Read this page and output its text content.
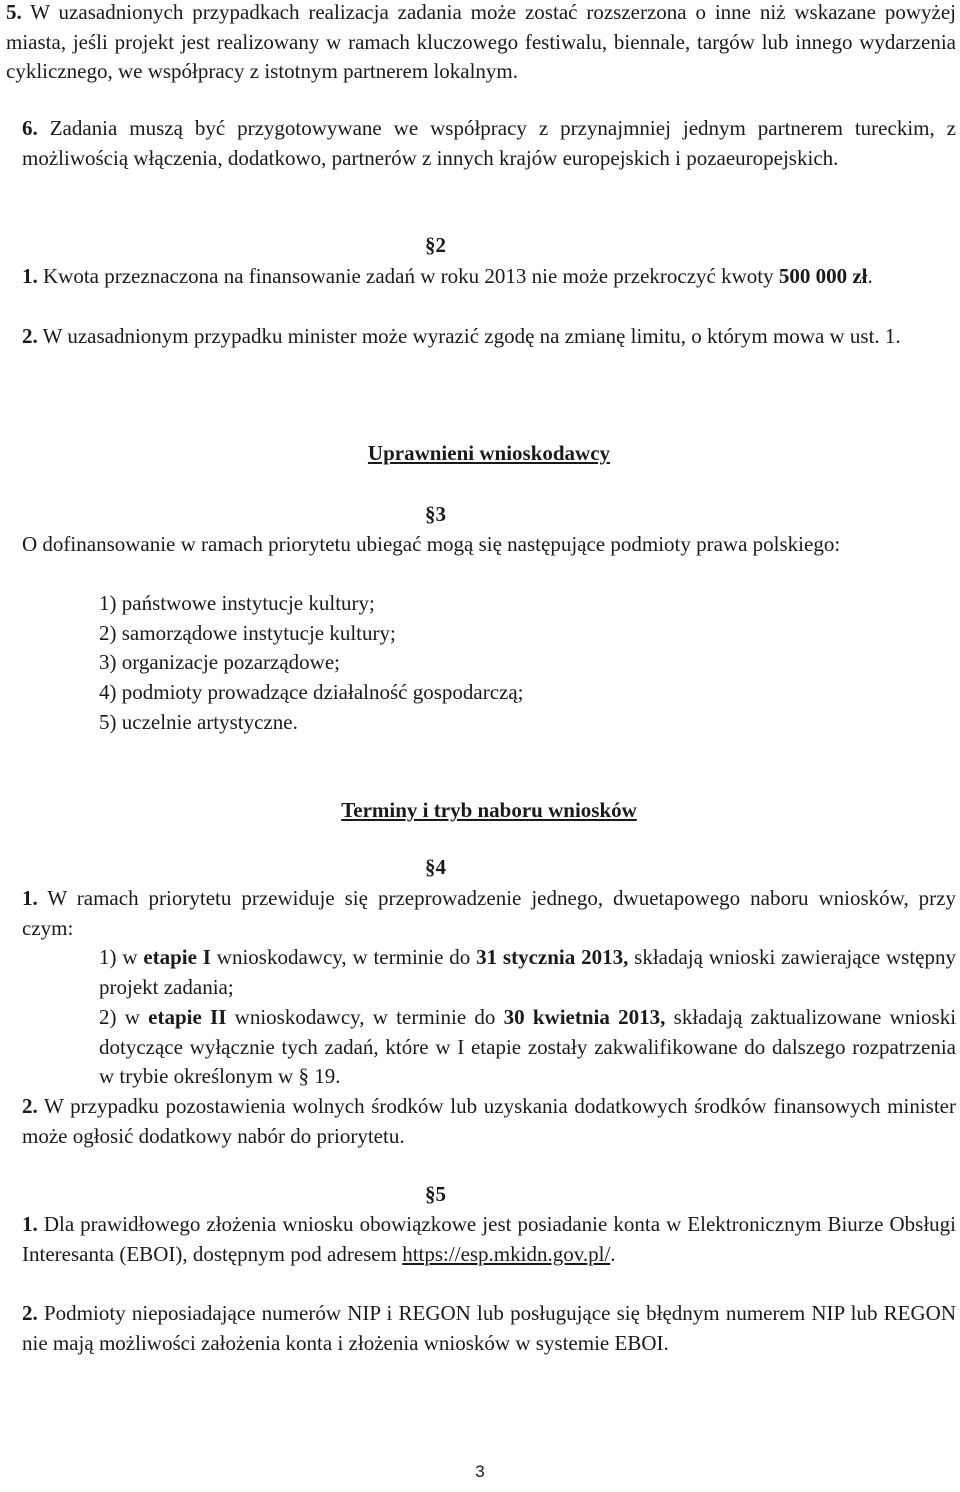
5. W uzasadnionych przypadkach realizacja zadania może zostać rozszerzona o inne niż wskazane powyżej miasta, jeśli projekt jest realizowany w ramach kluczowego festiwalu, biennale, targów lub innego wydarzenia cyklicznego, we współpracy z istotnym partnerem lokalnym.

6. Zadania muszą być przygotowywane we współpracy z przynajmniej jednym partnerem tureckim, z możliwością włączenia, dodatkowo, partnerów z innych krajów europejskich i pozaeuropejskich.

§2

1. Kwota przeznaczona na finansowanie zadań w roku 2013 nie może przekroczyć kwoty 500 000 zł.

2. W uzasadnionym przypadku minister może wyrazić zgodę na zmianę limitu, o którym mowa w ust. 1.

Uprawnieni wnioskodawcy
§3

O dofinansowanie w ramach priorytetu ubiegać mogą się następujące podmioty prawa polskiego:

1) państwowe instytucje kultury;
2) samorządowe instytucje kultury;
3) organizacje pozarządowe;
4) podmioty prowadzące działalność gospodarczą;
5) uczelnie artystyczne.
Terminy i tryb naboru wniosków
§4

1. W ramach priorytetu przewiduje się przeprowadzenie jednego, dwuetapowego naboru wniosków, przy czym:

1) w etapie I wnioskodawcy, w terminie do 31 stycznia 2013, składają wnioski zawierające wstępny projekt zadania;

2) w etapie II wnioskodawcy, w terminie do 30 kwietnia 2013, składają zaktualizowane wnioski dotyczące wyłącznie tych zadań, które w I etapie zostały zakwalifikowane do dalszego rozpatrzenia w trybie określonym w § 19.

2. W przypadku pozostawienia wolnych środków lub uzyskania dodatkowych środków finansowych minister może ogłosić dodatkowy nabór do priorytetu.

§5

1. Dla prawidłowego złożenia wniosku obowiązkowe jest posiadanie konta w Elektronicznym Biurze Obsługi Interesanta (EBOI), dostępnym pod adresem https://esp.mkidn.gov.pl/.

2. Podmioty nieposiadające numerów NIP i REGON lub posługujące się błędnym numerem NIP lub REGON nie mają możliwości założenia konta i złożenia wniosków w systemie EBOI.

3
